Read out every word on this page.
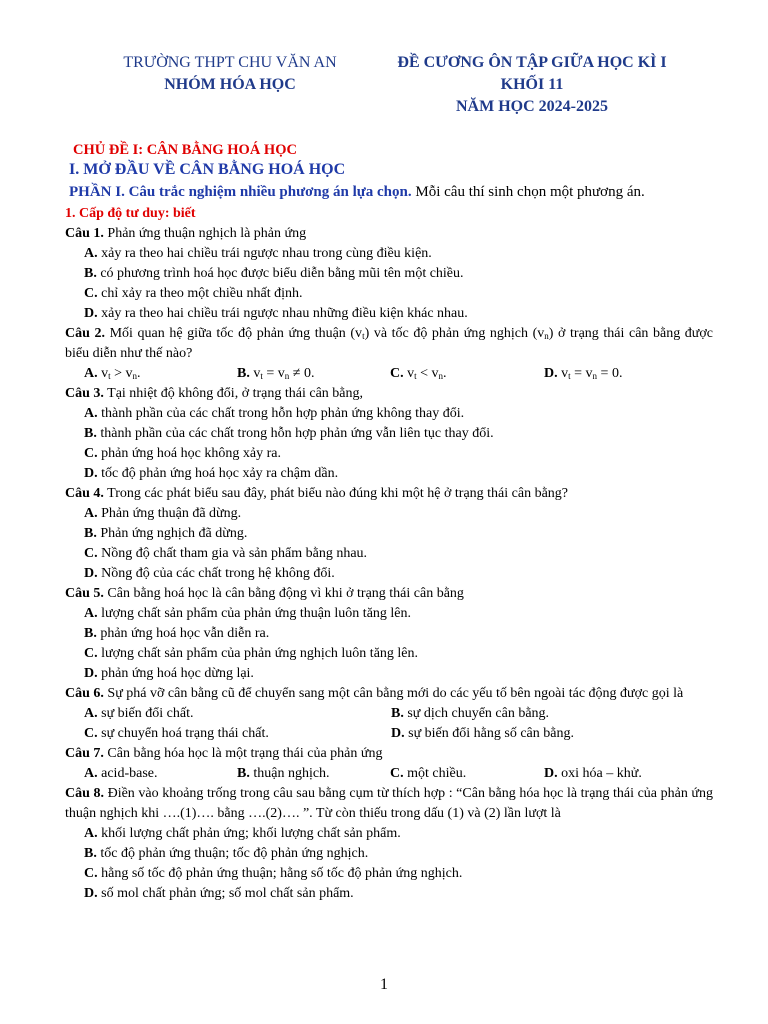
TRƯỜNG THPT CHU VĂN AN
NHÓM HÓA HỌC
ĐỀ CƯƠNG ÔN TẬP GIỮA HỌC KÌ I
KHỐI 11
NĂM HỌC 2024-2025
CHỦ ĐỀ I: CÂN BẰNG HOÁ HỌC
I. MỞ ĐẦU VỀ CÂN BẰNG HOÁ HỌC
PHẦN I. Câu trắc nghiệm nhiều phương án lựa chọn. Mỗi câu thí sinh chọn một phương án.
1. Cấp độ tư duy: biết
Câu 1. Phản ứng thuận nghịch là phản ứng
A. xảy ra theo hai chiều trái ngược nhau trong cùng điều kiện.
B. có phương trình hoá học được biểu diễn bằng mũi tên một chiều.
C. chỉ xảy ra theo một chiều nhất định.
D. xảy ra theo hai chiều trái ngược nhau những điều kiện khác nhau.
Câu 2. Mối quan hệ giữa tốc độ phản ứng thuận $(v_t)$ và tốc độ phản ứng nghịch $(v_n)$ ở trạng thái cân bằng được biểu diễn như thế nào?
A. $v_t > v_n$.	B. $v_t = v_n \ne 0$.	C. $v_t < v_n$.	D. $v_t = v_n = 0$.
Câu 3. Tại nhiệt độ không đổi, ở trạng thái cân bằng,
A. thành phần của các chất trong hỗn hợp phản ứng không thay đổi.
B. thành phần của các chất trong hỗn hợp phản ứng vẫn liên tục thay đổi.
C. phản ứng hoá học không xảy ra.
D. tốc độ phản ứng hoá học xảy ra chậm dần.
Câu 4. Trong các phát biểu sau đây, phát biểu nào đúng khi một hệ ở trạng thái cân bằng?
A. Phản ứng thuận đã dừng.
B. Phản ứng nghịch đã dừng.
C. Nồng độ chất tham gia và sản phẩm bằng nhau.
D. Nồng độ của các chất trong hệ không đổi.
Câu 5. Cân bằng hoá học là cân bằng động vì khi ở trạng thái cân bằng
A. lượng chất sản phẩm của phản ứng thuận luôn tăng lên.
B. phản ứng hoá học vẫn diễn ra.
C. lượng chất sản phẩm của phản ứng nghịch luôn tăng lên.
D. phản ứng hoá học dừng lại.
Câu 6. Sự phá vỡ cân bằng cũ để chuyển sang một cân bằng mới do các yếu tố bên ngoài tác động được gọi là
A. sự biến đổi chất.	B. sự dịch chuyển cân bằng.
C. sự chuyển hoá trạng thái chất.	D. sự biến đổi hằng số cân bằng.
Câu 7. Cân bằng hóa học là một trạng thái của phản ứng
A. acid-base.	B. thuận nghịch.	C. một chiều.	D. oxi hóa – khử.
Câu 8. Điền vào khoảng trống trong câu sau bằng cụm từ thích hợp : “Cân bằng hóa học là trạng thái của phản ứng thuận nghịch khi ….(1)…. bằng ….(2)…. ”. Từ còn thiếu trong dấu (1) và (2) lần lượt là
A. khối lượng chất phản ứng; khối lượng chất sản phẩm.
B. tốc độ phản ứng thuận; tốc độ phản ứng nghịch.
C. hằng số tốc độ phản ứng thuận; hằng số tốc độ phản ứng nghịch.
D. số mol chất phản ứng; số mol chất sản phẩm.
1
